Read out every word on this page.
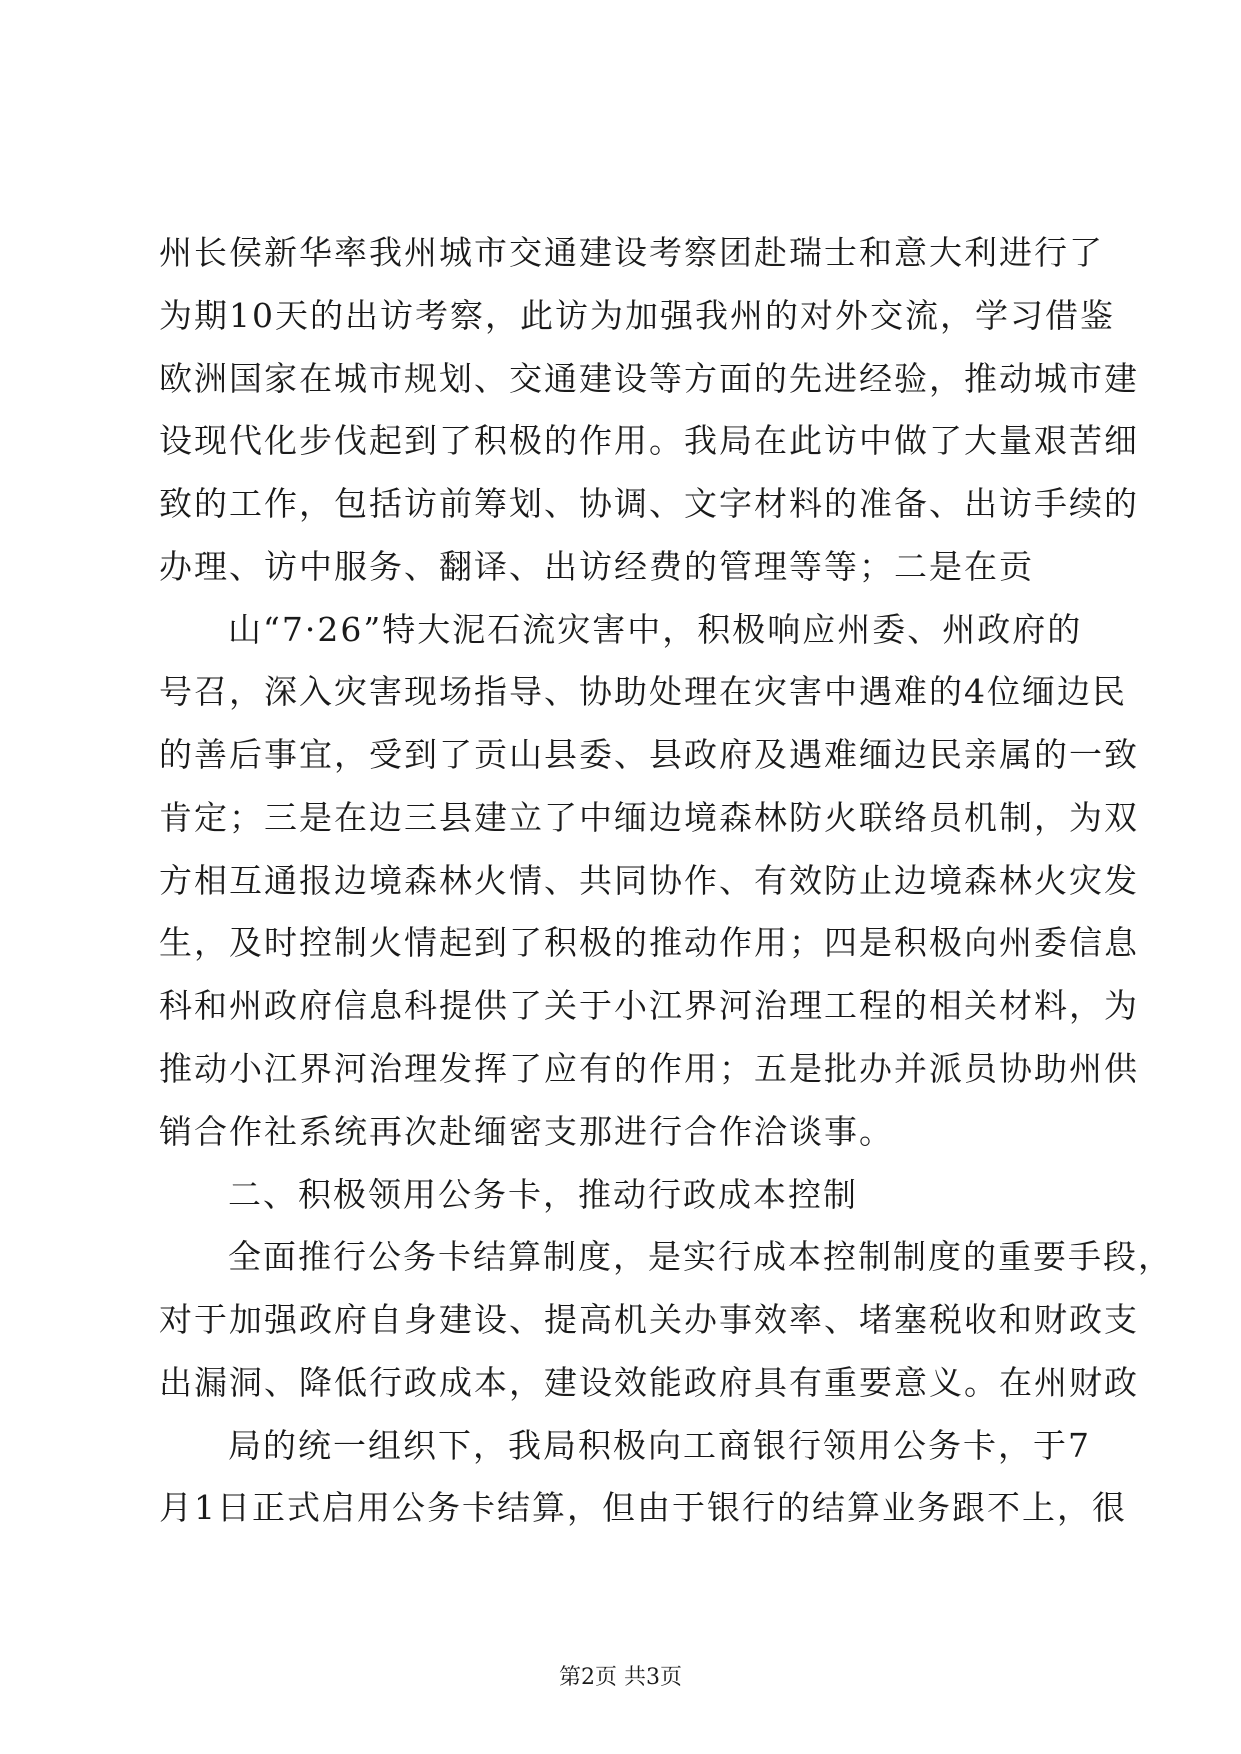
州长侯新华率我州城市交通建设考察团赴瑞士和意大利进行了
为期10天的出访考察，此访为加强我州的对外交流，学习借鉴
欧洲国家在城市规划、交通建设等方面的先进经验，推动城市建
设现代化步伐起到了积极的作用。我局在此访中做了大量艰苦细
致的工作，包括访前筹划、协调、文字材料的准备、出访手续的
办理、访中服务、翻译、出访经费的管理等等；二是在贡
山“7·26”特大泥石流灾害中，积极响应州委、州政府的
号召，深入灾害现场指导、协助处理在灾害中遇难的4位缅边民
的善后事宜，受到了贡山县委、县政府及遇难缅边民亲属的一致
肯定；三是在边三县建立了中缅边境森林防火联络员机制，为双
方相互通报边境森林火情、共同协作、有效防止边境森林火灾发
生，及时控制火情起到了积极的推动作用；四是积极向州委信息
科和州政府信息科提供了关于小江界河治理工程的相关材料，为
推动小江界河治理发挥了应有的作用；五是批办并派员协助州供
销合作社系统再次赴缅密支那进行合作洽谈事。
二、积极领用公务卡，推动行政成本控制
全面推行公务卡结算制度，是实行成本控制制度的重要手段，
对于加强政府自身建设、提高机关办事效率、堵塞税收和财政支
出漏洞、降低行政成本，建设效能政府具有重要意义。在州财政
局的统一组织下，我局积极向工商银行领用公务卡，于7
月1日正式启用公务卡结算，但由于银行的结算业务跟不上，很
第2页 共3页
